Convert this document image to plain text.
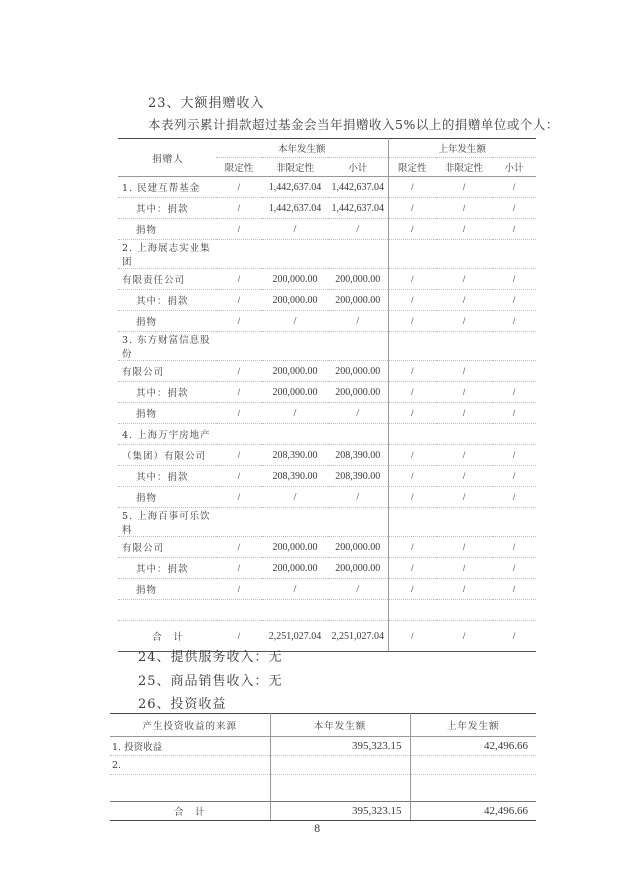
23、大额捐赠收入
本表列示累计捐款超过基金会当年捐赠收入5%以上的捐赠单位或个人：
捐赠人	本年发生额			上年发生额		
	限定性	非限定性	小计	限定性	非限定性	小计
1. 民建互帮基金	/	1,442,637.04	1,442,637.04	/	/	/
其中：捐款	/	1,442,637.04	1,442,637.04	/	/	/
捐物	/	/	/	/	/	/
2. 上海展志实业集团						
有限责任公司	/	200,000.00	200,000.00	/	/	/
其中：捐款	/	200,000.00	200,000.00	/	/	/
捐物	/	/	/	/	/	/
3. 东方财富信息股份						
有限公司	/	200,000.00	200,000.00	/	/	
其中：捐款	/	200,000.00	200,000.00	/	/	/
捐物	/	/	/	/	/	/
4. 上海万宇房地产						
（集团）有限公司	/	208,390.00	208,390.00	/	/	/
其中：捐款	/	208,390.00	208,390.00	/	/	/
捐物	/	/	/	/	/	/
5. 上海百事可乐饮料						
有限公司	/	200,000.00	200,000.00	/	/	/
其中：捐款	/	200,000.00	200,000.00	/	/	/
捐物	/	/	/	/	/	/

合　计	/	2,251,027.04	2,251,027.04	/	/	/
24、提供服务收入：无
25、商品销售收入：无
26、投资收益
产生投资收益的来源	本年发生额	上年发生额
1. 投资收益	395,323.15	42,496.66
2.		

合　计	395,323.15	42,496.66
8
